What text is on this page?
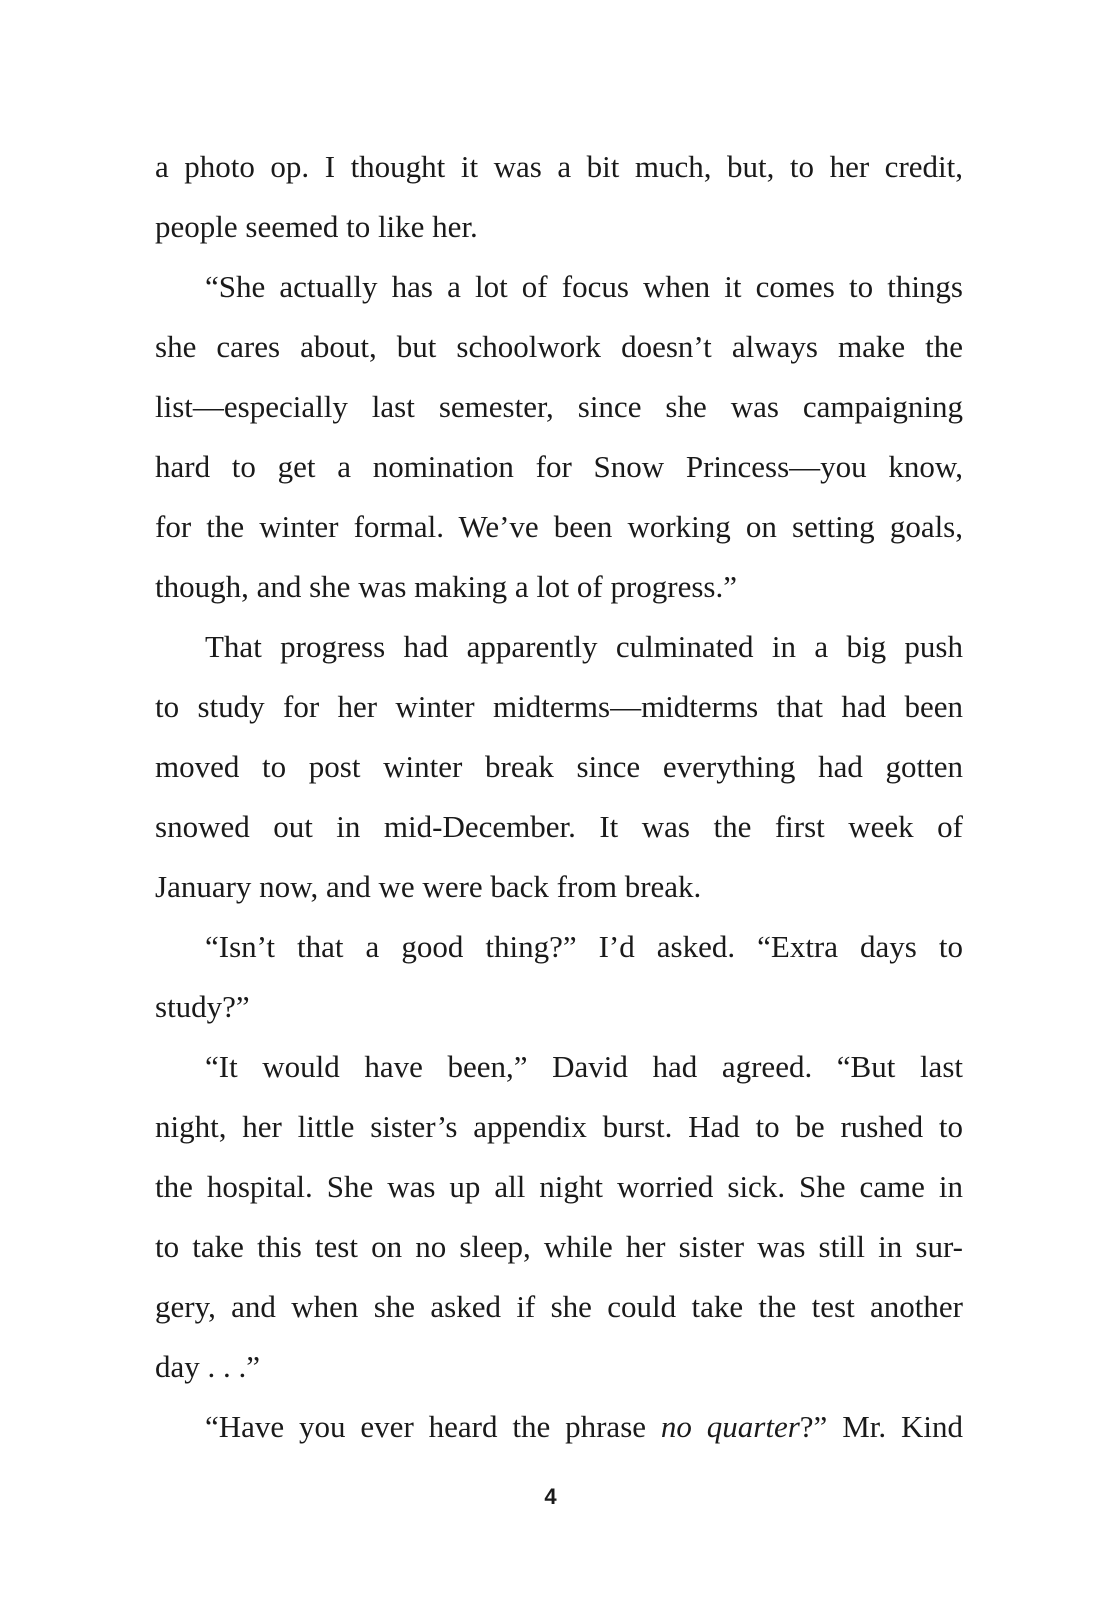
a photo op. I thought it was a bit much, but, to her credit,
people seemed to like her.
“She actually has a lot of focus when it comes to things
she cares about, but schoolwork doesn’t always make the
list—especially last semester, since she was campaigning
hard to get a nomination for Snow Princess—you know,
for the winter formal. We’ve been working on setting goals,
though, and she was making a lot of progress.”
That progress had apparently culminated in a big push
to study for her winter midterms—midterms that had been
moved to post winter break since everything had gotten
snowed out in mid-December. It was the first week of
January now, and we were back from break.
“Isn’t that a good thing?” I’d asked. “Extra days to
study?”
“It would have been,” David had agreed. “But last
night, her little sister’s appendix burst. Had to be rushed to
the hospital. She was up all night worried sick. She came in
to take this test on no sleep, while her sister was still in sur-
gery, and when she asked if she could take the test another
day . . .”
“Have you ever heard the phrase no quarter?” Mr. Kind
4
